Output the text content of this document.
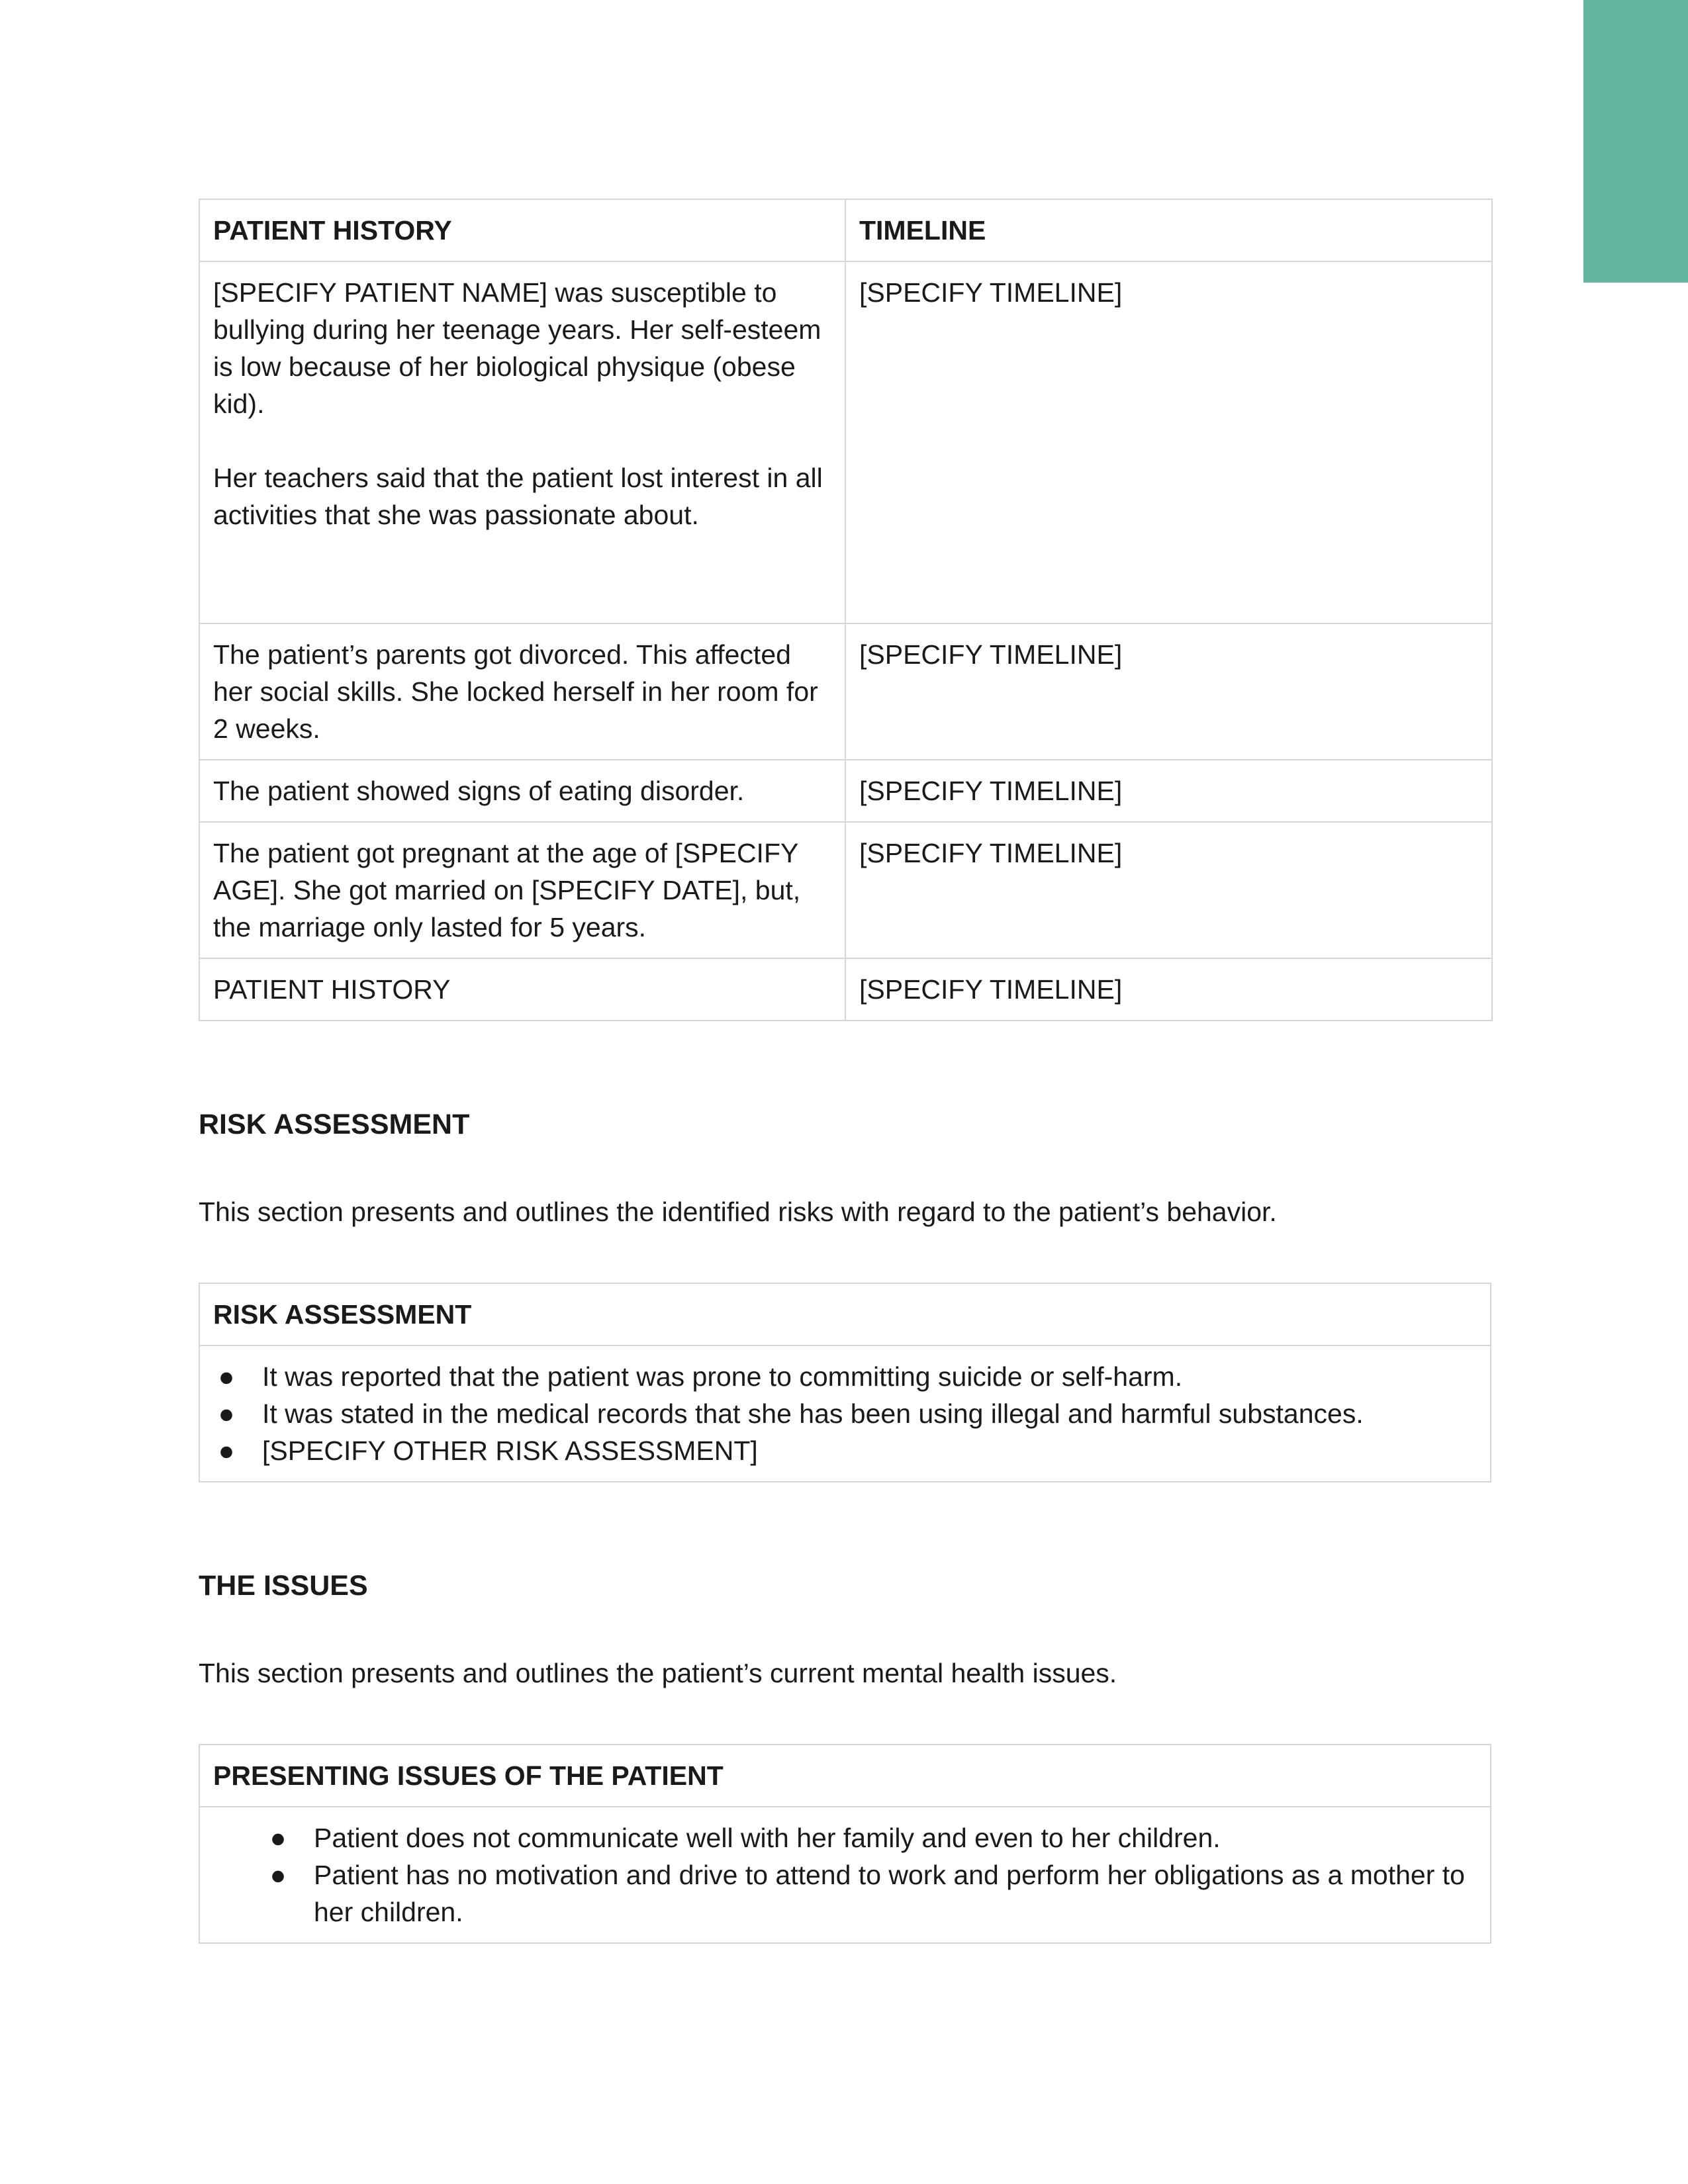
PATIENT HISTORY	TIMELINE

[SPECIFY PATIENT NAME] was susceptible to bullying during her teenage years. Her self-esteem is low because of her biological physique (obese kid).

Her teachers said that the patient lost interest in all activities that she was passionate about.	[SPECIFY TIMELINE]

The patient’s parents got divorced. This affected her social skills. She locked herself in her room for 2 weeks.	[SPECIFY TIMELINE]

The patient showed signs of eating disorder.	[SPECIFY TIMELINE]

The patient got pregnant at the age of [SPECIFY AGE]. She got married on [SPECIFY DATE], but, the marriage only lasted for 5 years.	[SPECIFY TIMELINE]

PATIENT HISTORY	[SPECIFY TIMELINE]
RISK ASSESSMENT

This section presents and outlines the identified risks with regard to the patient’s behavior.

RISK ASSESSMENT

● It was reported that the patient was prone to committing suicide or self-harm.
● It was stated in the medical records that she has been using illegal and harmful substances.
● [SPECIFY OTHER RISK ASSESSMENT]
THE ISSUES

This section presents and outlines the patient’s current mental health issues.

PRESENTING ISSUES OF THE PATIENT

● Patient does not communicate well with her family and even to her children.
● Patient has no motivation and drive to attend to work and perform her obligations as a mother to her children.
